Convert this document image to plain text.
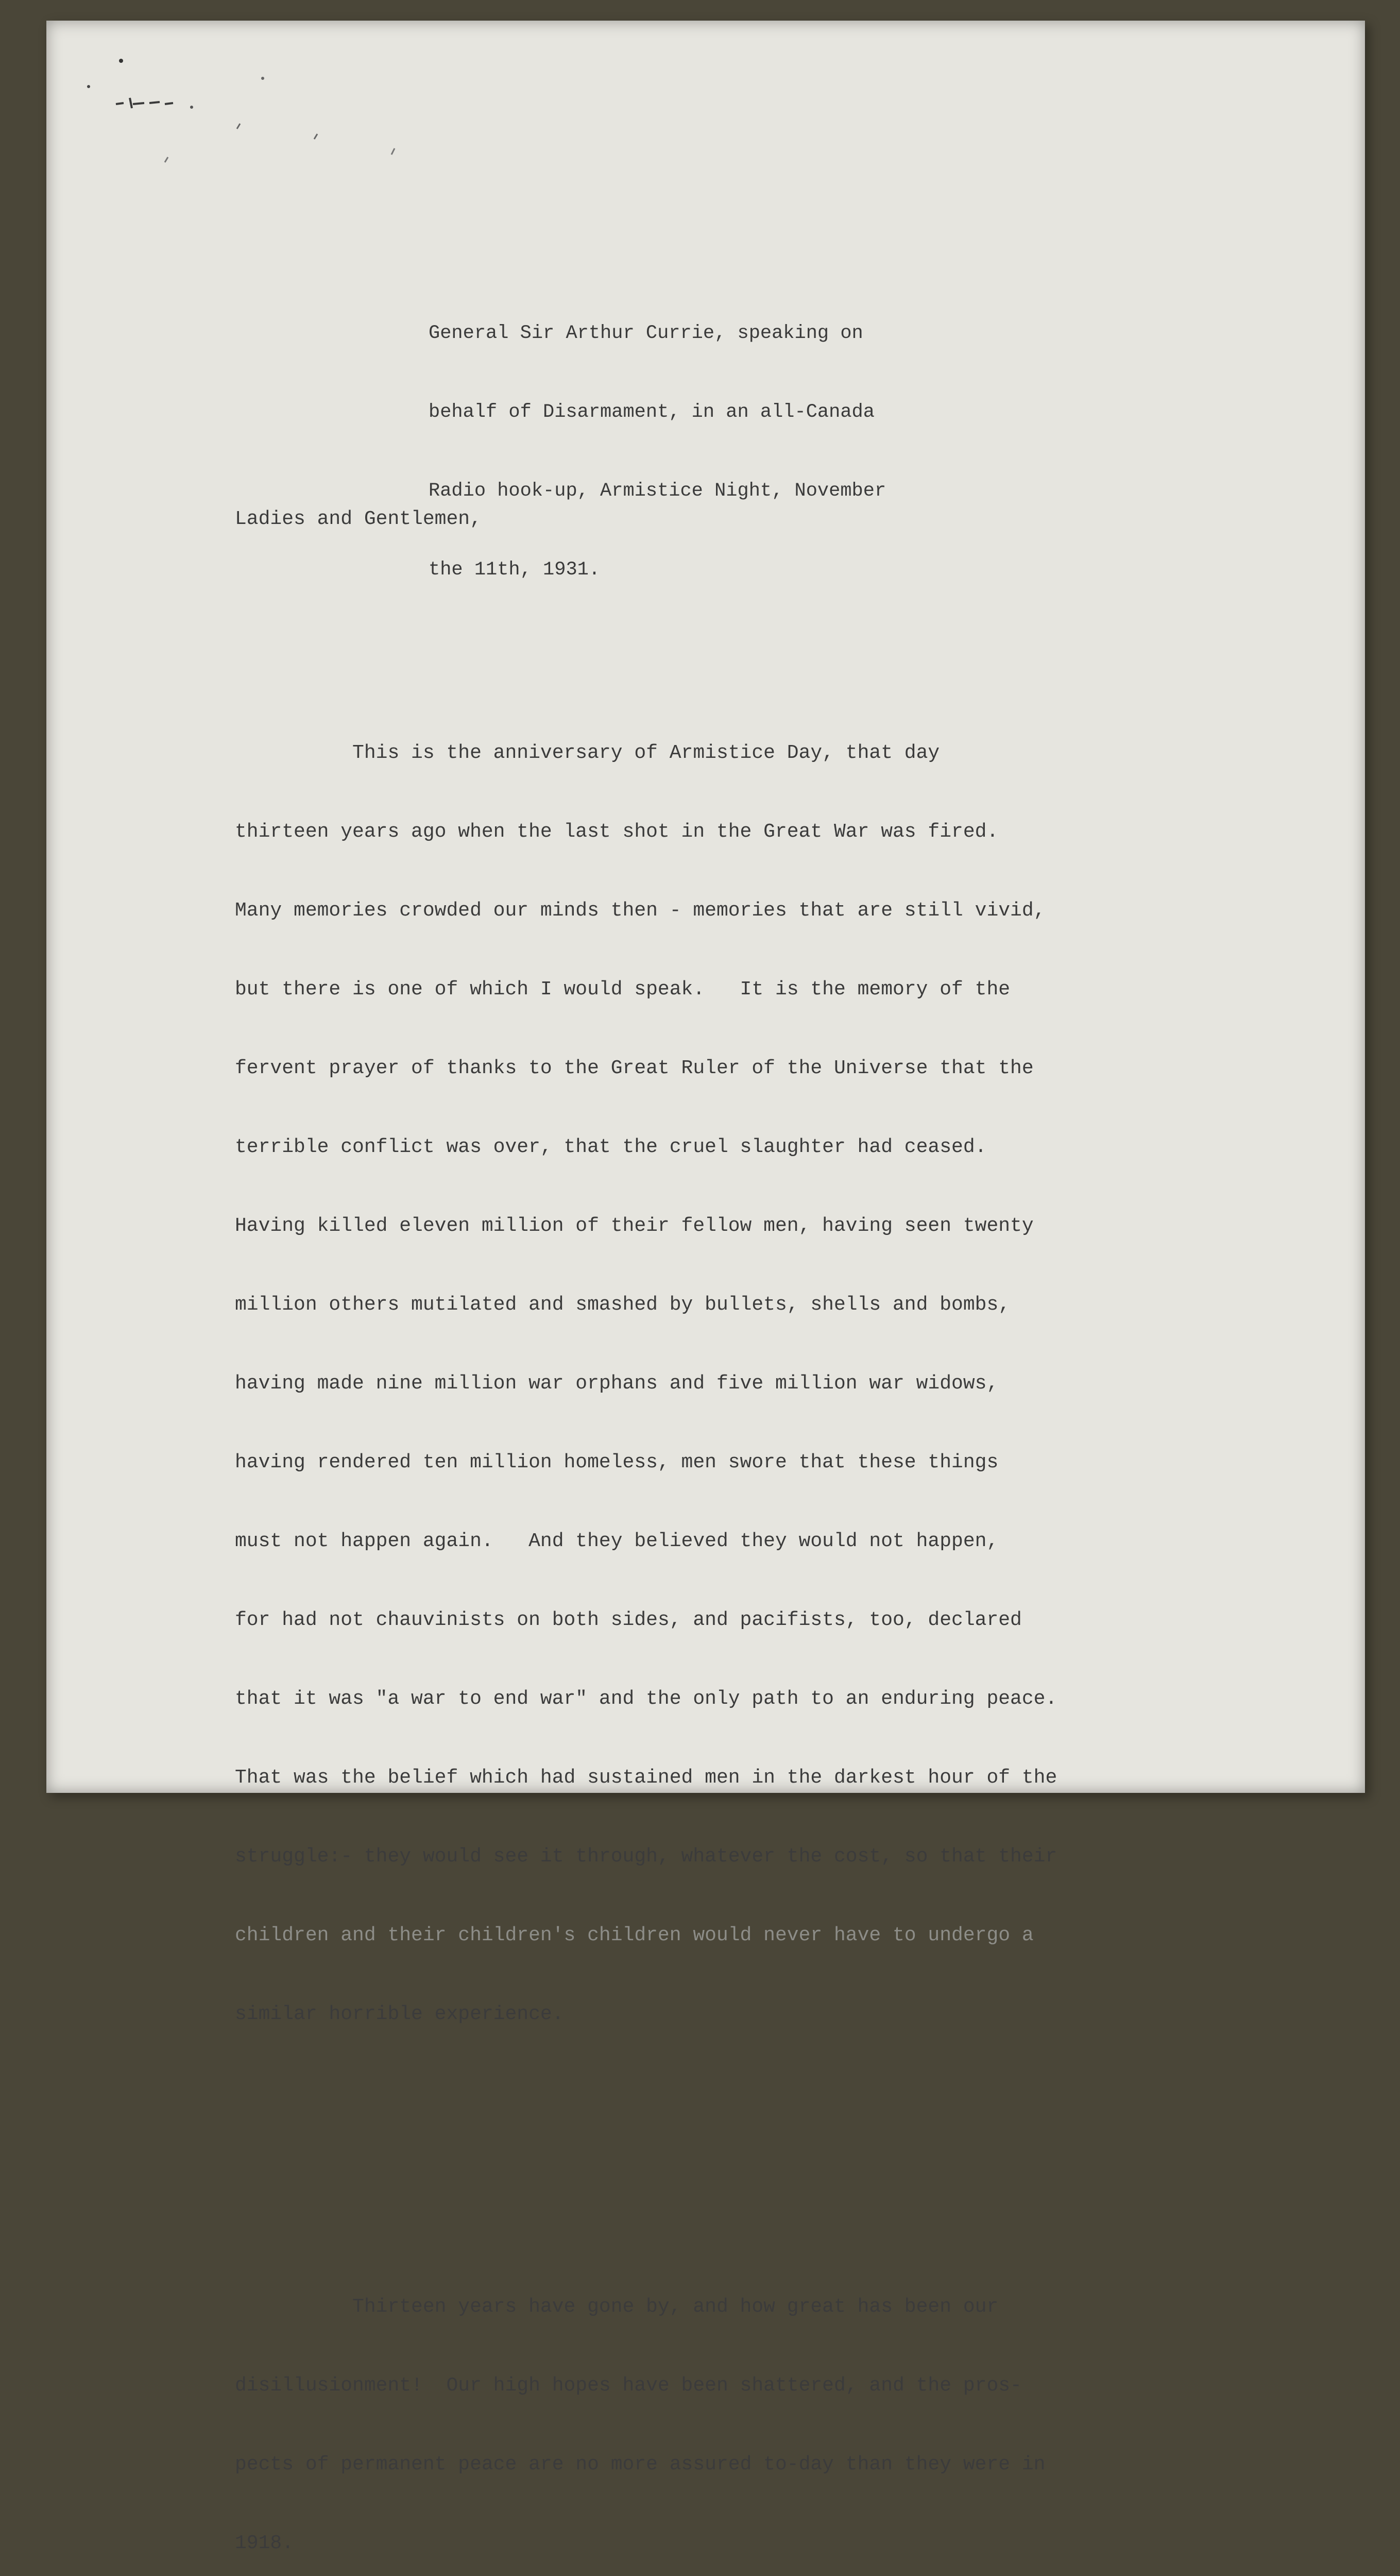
General Sir Arthur Currie, speaking on

behalf of Disarmament, in an all-Canada

Radio hook-up, Armistice Night, November

the 11th, 1931.

Ladies and Gentlemen,

This is the anniversary of Armistice Day, that day

thirteen years ago when the last shot in the Great War was fired.

Many memories crowded our minds then - memories that are still vivid,

but there is one of which I would speak.   It is the memory of the

fervent prayer of thanks to the Great Ruler of the Universe that the

terrible conflict was over, that the cruel slaughter had ceased.

Having killed eleven million of their fellow men, having seen twenty

million others mutilated and smashed by bullets, shells and bombs,

having made nine million war orphans and five million war widows,

having rendered ten million homeless, men swore that these things

must not happen again.   And they believed they would not happen,

for had not chauvinists on both sides, and pacifists, too, declared

that it was "a war to end war" and the only path to an enduring peace.

That was the belief which had sustained men in the darkest hour of the

struggle:- they would see it through, whatever the cost, so that their

children and their children's children would never have to undergo a

similar horrible experience.

Thirteen years have gone by, and how great has been our

disillusionment!  Our high hopes have been shattered, and the pros-

pects of permanent peace are no more assured to-day than they were in

1918.
